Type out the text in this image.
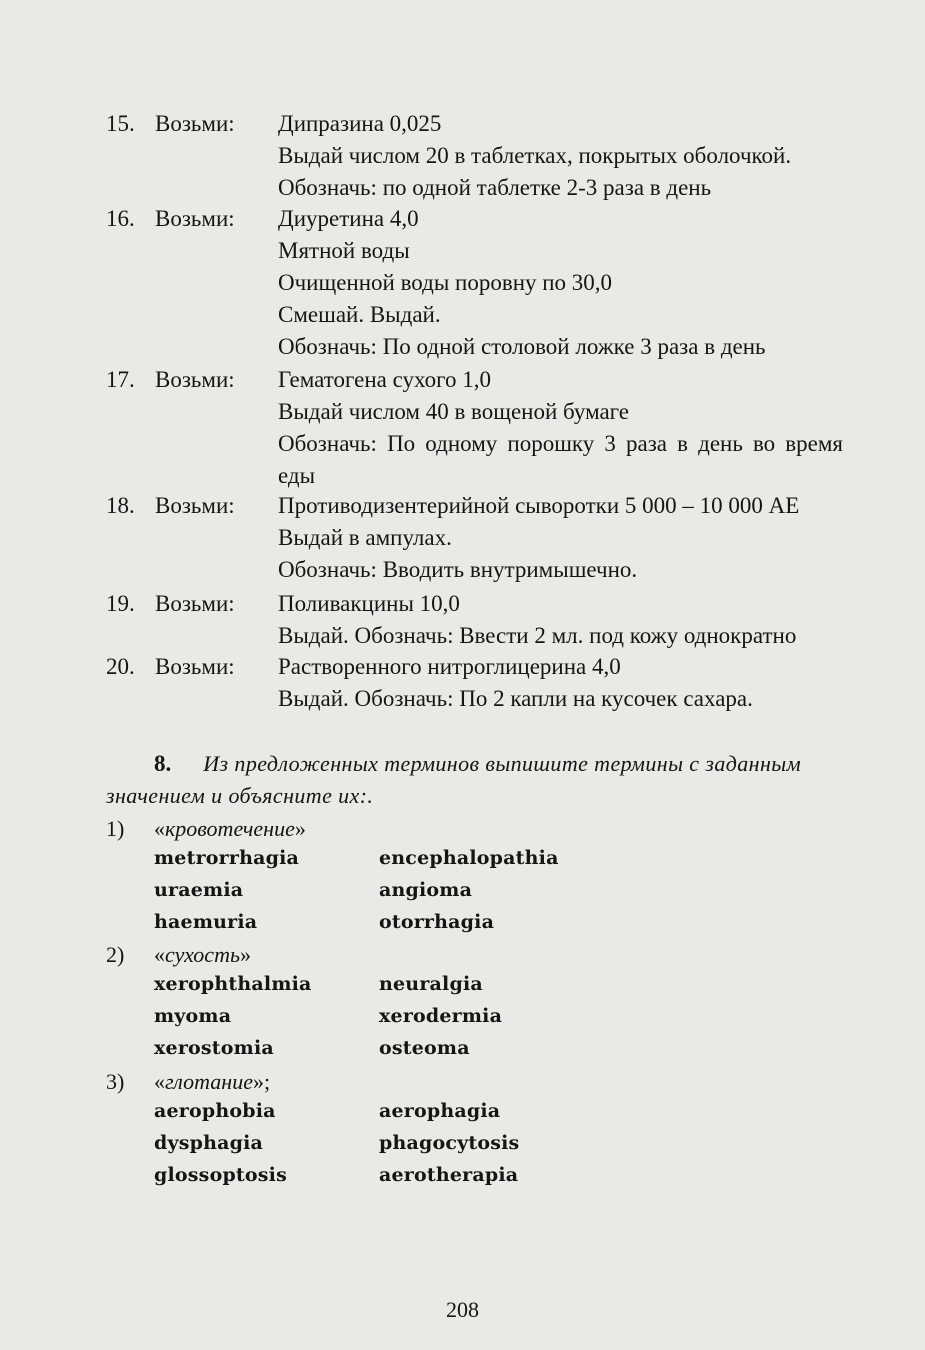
15. Возьми: Дипразина 0,025
Выдай числом 20 в таблетках, покрытых оболочкой.
Обозначь: по одной таблетке 2-3 раза в день
16. Возьми: Диуретина 4,0
Мятной воды
Очищенной воды поровну по 30,0
Смешай. Выдай.
Обозначь: По одной столовой ложке 3 раза в день
17. Возьми: Гематогена сухого 1,0
Выдай числом 40 в вощеной бумаге
Обозначь: По одному порошку 3 раза в день во время еды
18. Возьми: Противодизентерийной сыворотки 5 000 – 10 000 АЕ
Выдай в ампулах.
Обозначь: Вводить внутримышечно.
19. Возьми: Поливакцины 10,0
Выдай. Обозначь: Ввести 2 мл. под кожу однократно
20. Возьми: Растворенного нитроглицерина 4,0
Выдай. Обозначь: По 2 капли на кусочек сахара.
8. Из предложенных терминов выпишите термины с заданным значением и объясните их:.
1) «кровотечение»
metrorrhagia	encephalopathia
uraemia	angioma
haemuria	otorrhagia
2) «сухость»
xerophthalmia	neuralgia
myoma	xerodermia
xerostomia	osteoma
3) «глотание»;
aerophobia	aerophagia
dysphagia	phagocytosis
glossoptosis	aerotherapia
208
